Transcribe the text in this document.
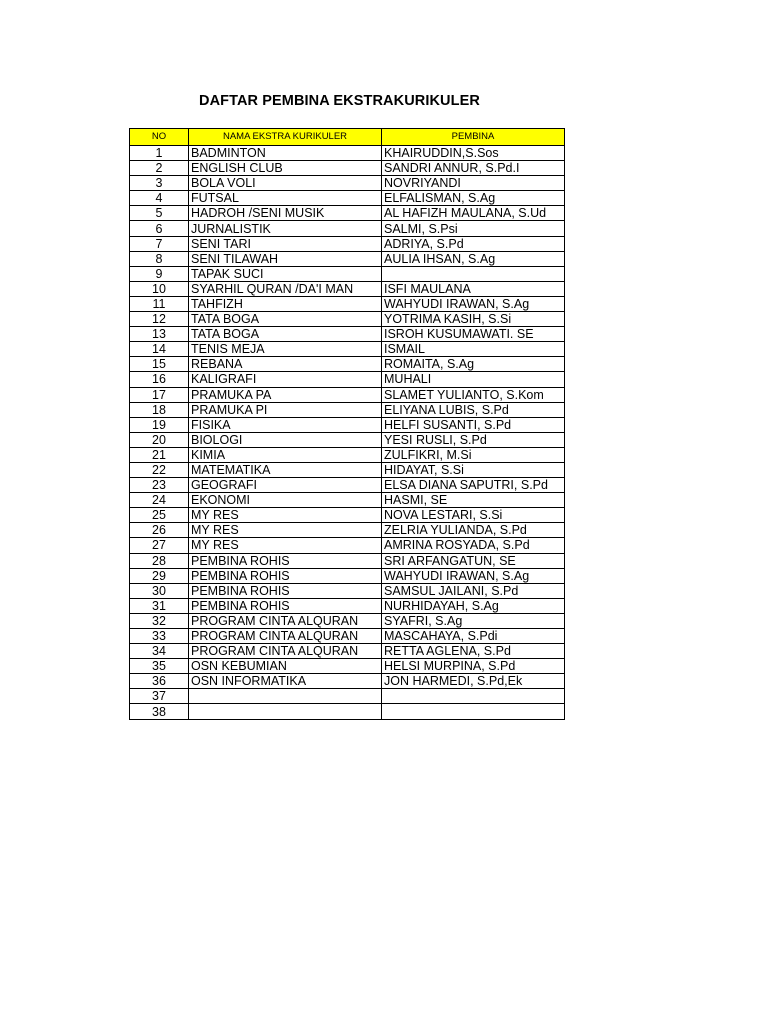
DAFTAR PEMBINA EKSTRAKURIKULER
NO	NAMA EKSTRA KURIKULER	PEMBINA
1	BADMINTON	KHAIRUDDIN,S.Sos
2	ENGLISH CLUB	SANDRI ANNUR, S.Pd.I
3	BOLA VOLI	NOVRIYANDI
4	FUTSAL	ELFALISMAN, S.Ag
5	HADROH /SENI MUSIK	AL HAFIZH MAULANA, S.Ud
6	JURNALISTIK	SALMI, S.Psi
7	SENI TARI	ADRIYA, S.Pd
8	SENI TILAWAH	AULIA IHSAN, S.Ag
9	TAPAK SUCI	
10	SYARHIL QURAN /DA'I MAN	ISFI MAULANA
11	TAHFIZH	WAHYUDI IRAWAN, S.Ag
12	TATA BOGA	YOTRIMA KASIH, S.Si
13	TATA BOGA	ISROH KUSUMAWATI. SE
14	TENIS MEJA	ISMAIL
15	REBANA	ROMAITA, S.Ag
16	KALIGRAFI	MUHALI
17	PRAMUKA PA	SLAMET YULIANTO, S.Kom
18	PRAMUKA PI	ELIYANA LUBIS, S.Pd
19	FISIKA	HELFI SUSANTI, S.Pd
20	BIOLOGI	YESI RUSLI, S.Pd
21	KIMIA	ZULFIKRI, M.Si
22	MATEMATIKA	HIDAYAT, S.Si
23	GEOGRAFI	ELSA DIANA SAPUTRI, S.Pd
24	EKONOMI	HASMI, SE
25	MY RES	NOVA LESTARI, S.Si
26	MY RES	ZELRIA YULIANDA, S.Pd
27	MY RES	AMRINA ROSYADA, S.Pd
28	PEMBINA ROHIS	SRI ARFANGATUN, SE
29	PEMBINA ROHIS	WAHYUDI IRAWAN, S.Ag
30	PEMBINA ROHIS	SAMSUL JAILANI, S.Pd
31	PEMBINA ROHIS	NURHIDAYAH, S.Ag
32	PROGRAM CINTA ALQURAN	SYAFRI, S.Ag
33	PROGRAM CINTA ALQURAN	MASCAHAYA, S.Pdi
34	PROGRAM CINTA ALQURAN	RETTA AGLENA, S.Pd
35	OSN KEBUMIAN	HELSI MURPINA, S.Pd
36	OSN INFORMATIKA	JON HARMEDI, S.Pd,Ek
37		
38		
